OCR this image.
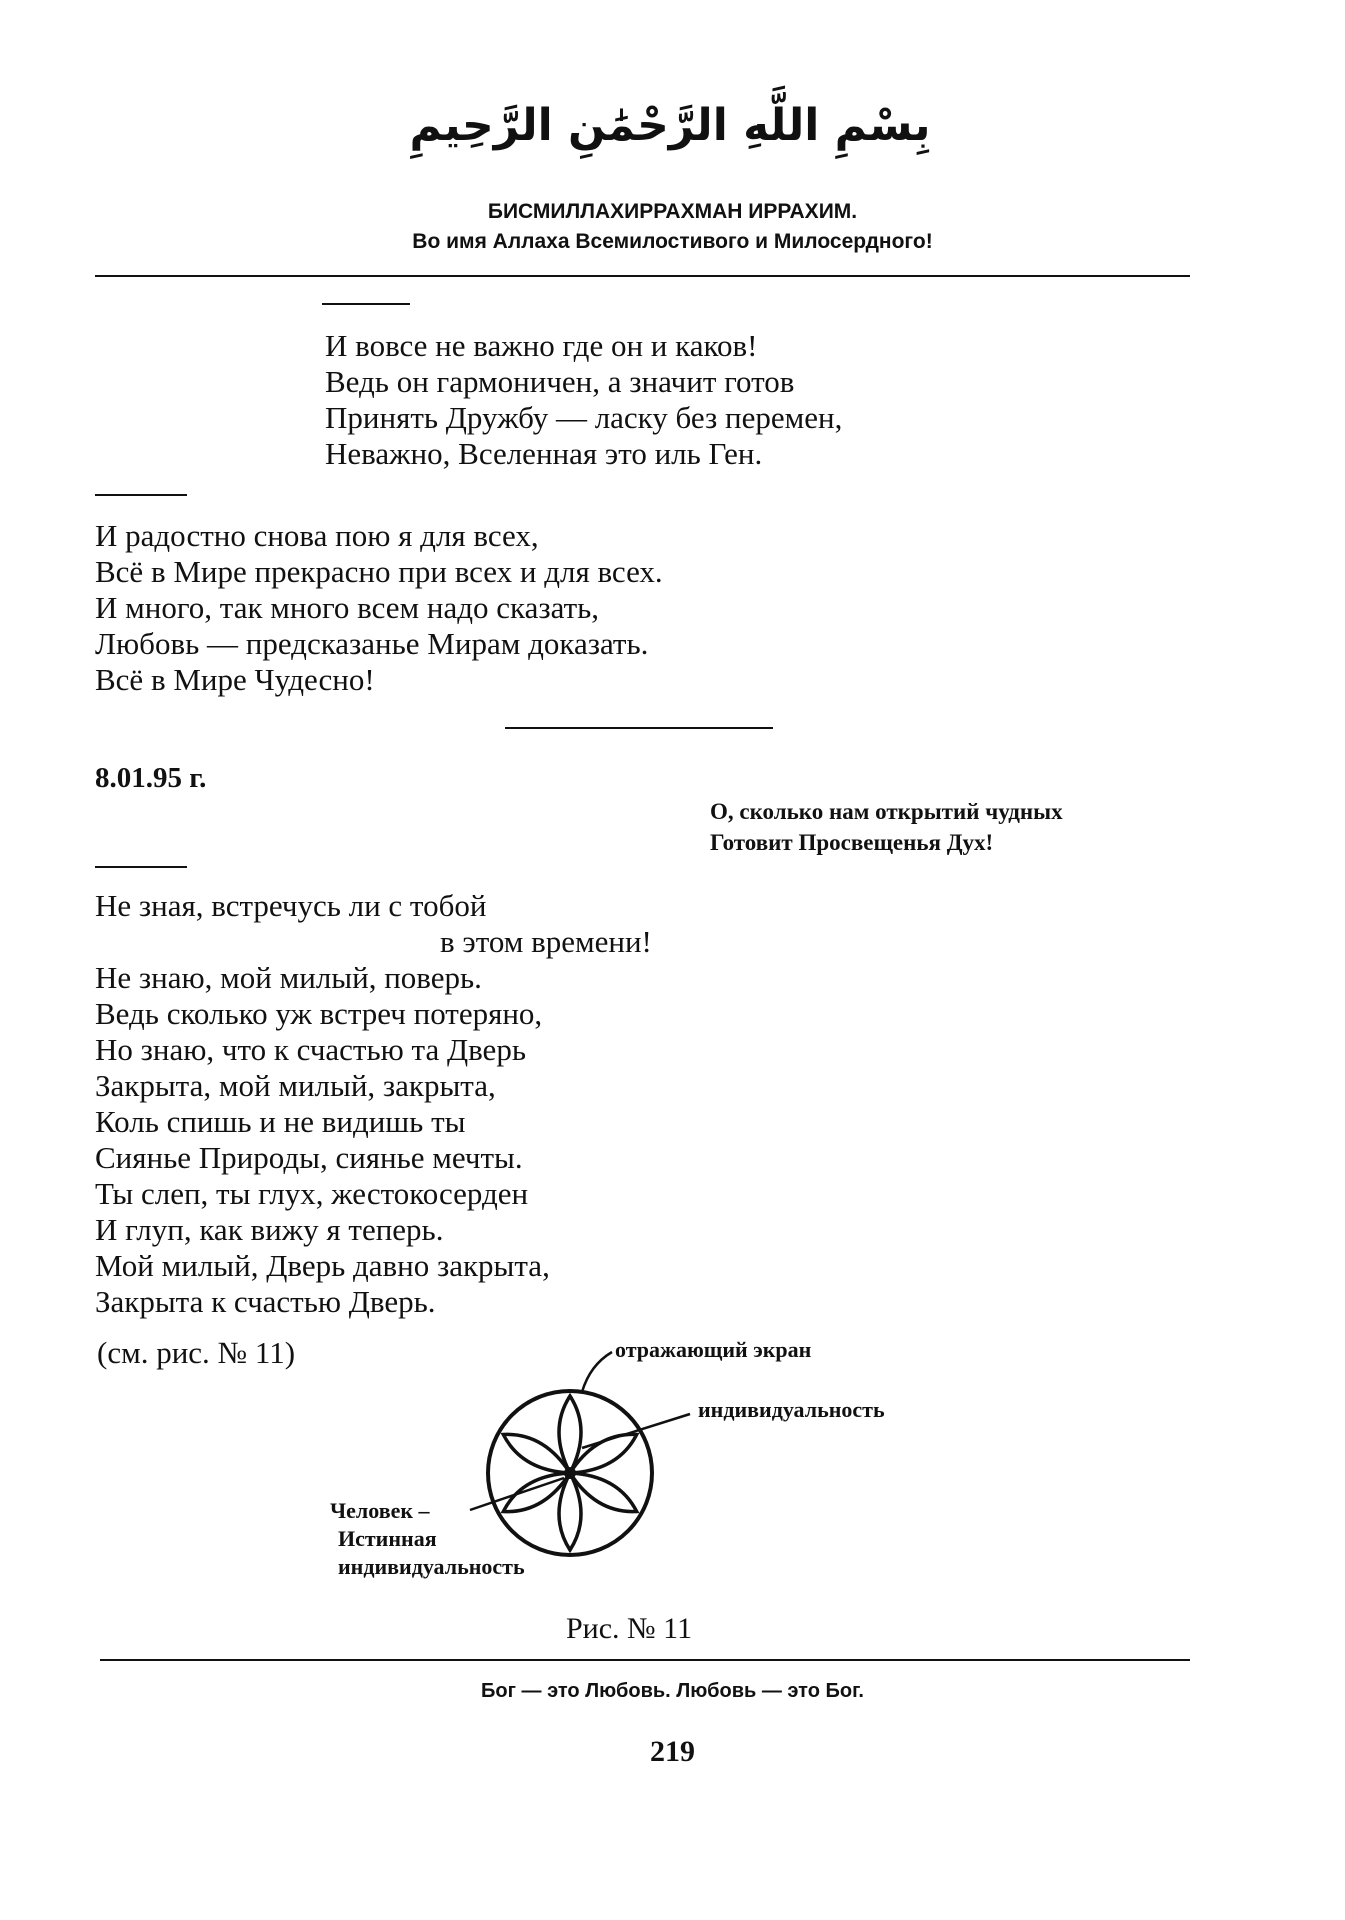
بِسْمِ اللَّهِ الرَّحْمَٰنِ الرَّحِيمِ
БИСМИЛЛАХИРРАХМАН ИРРАХИМ.
Во имя Аллаха Всемилостивого и Милосердного!
И вовсе не важно где он и каков!
Ведь он гармоничен, а значит готов
Принять Дружбу — ласку без перемен,
Неважно, Вселенная это иль Ген.
И радостно снова пою я для всех,
Всё в Мире прекрасно при всех и для всех.
И много, так много всем надо сказать,
Любовь — предсказанье Мирам доказать.
Всё в Мире Чудесно!
8.01.95 г.
О, сколько нам открытий чудных
Готовит Просвещенья Дух!
Не зная, встречусь ли с тобой
в этом времени!
Не знаю, мой милый, поверь.
Ведь сколько уж встреч потеряно,
Но знаю, что к счастью та Дверь
Закрыта, мой милый, закрыта,
Коль спишь и не видишь ты
Сиянье Природы, сиянье мечты.
Ты слеп, ты глух, жестокосерден
И глуп, как вижу я теперь.
Мой милый, Дверь давно закрыта,
Закрыта к счастью Дверь.
(см. рис. № 11)	отражающий экран
индивидуальность
Человек –
Истинная
индивидуальность
Рис. № 11
Бог — это Любовь. Любовь — это Бог.
219
